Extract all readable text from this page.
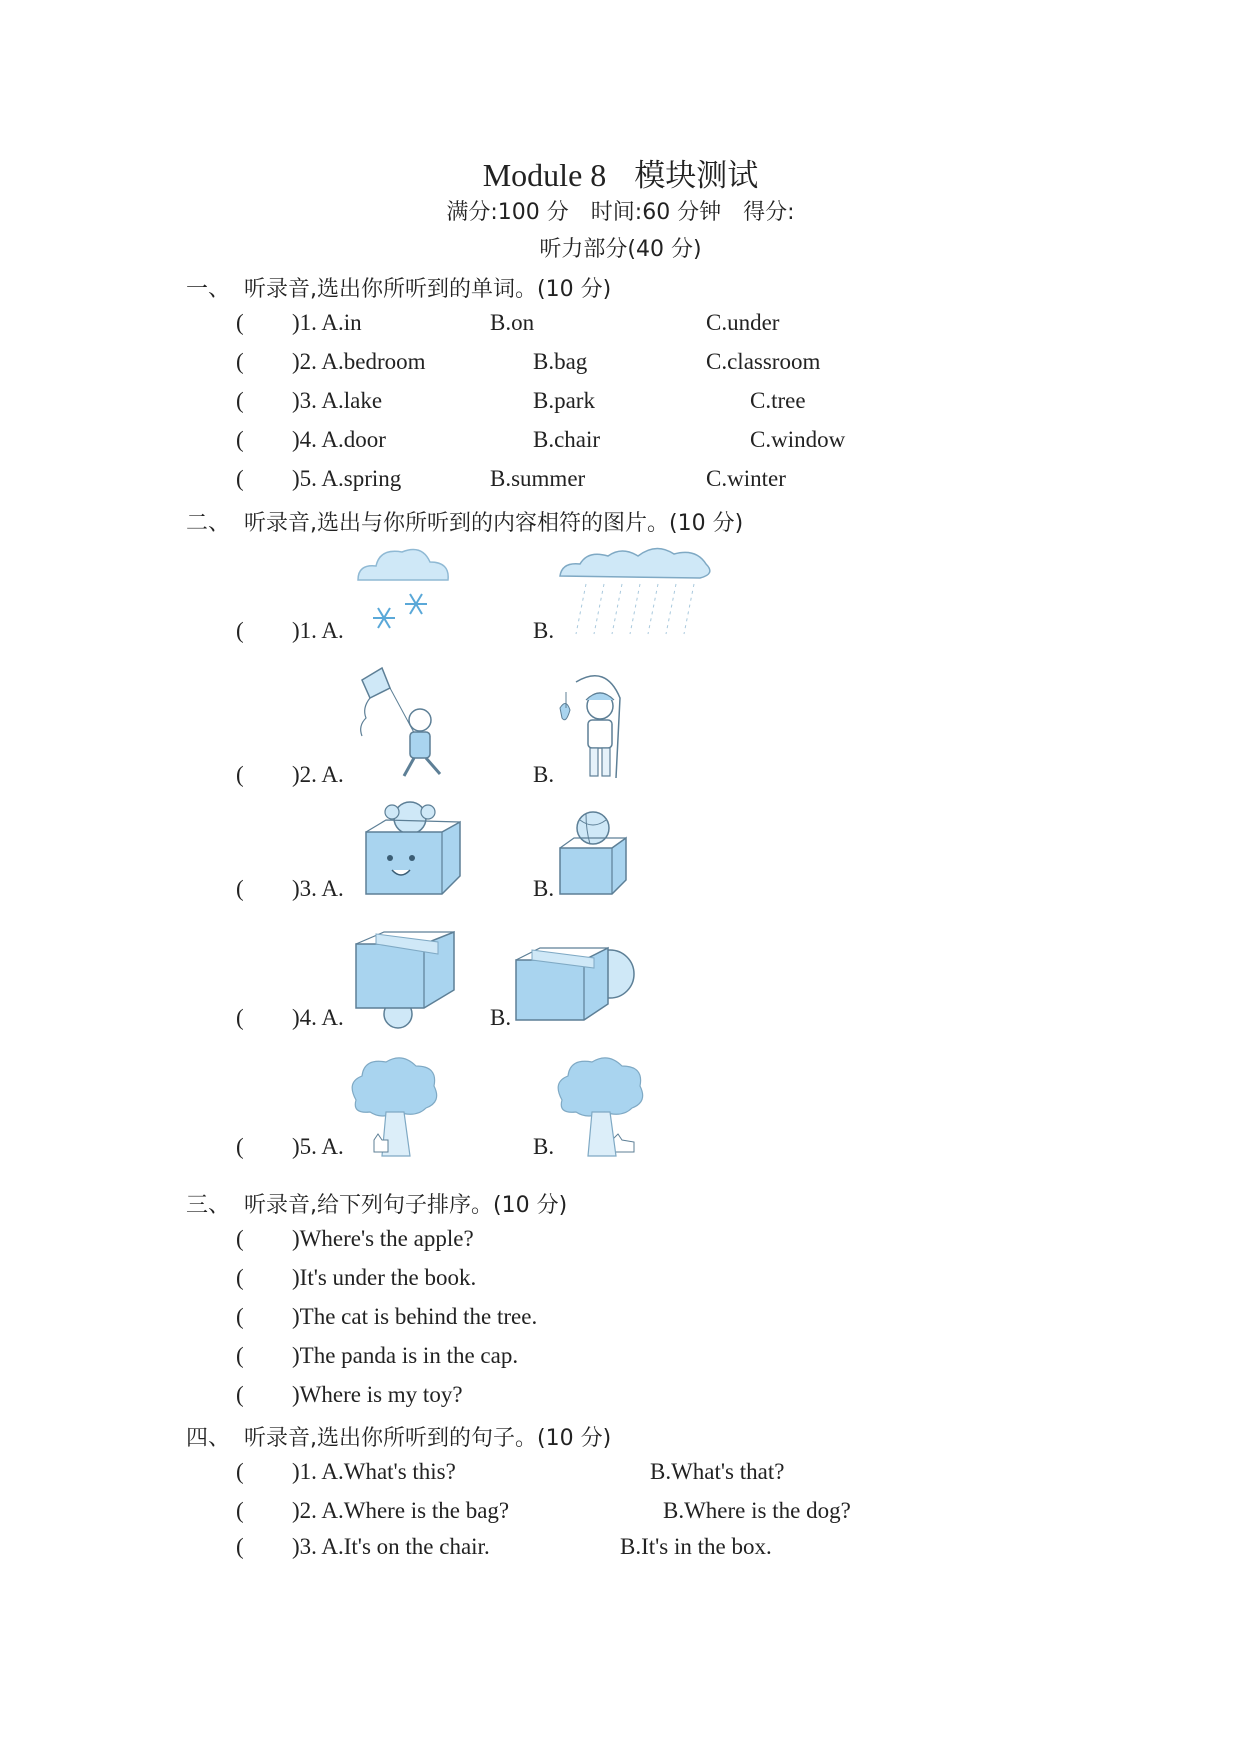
Module 8 模块测试
满分:100 分　时间:60 分钟　得分:
听力部分(40 分)
一、 听录音,选出你所听到的单词。(10 分)
( )1. A.in	B.on	C.under
( )2. A.bedroom	B.bag	C.classroom
( )3. A.lake	B.park	C.tree
( )4. A.door	B.chair	C.window
( )5. A.spring	B.summer	C.winter
二、 听录音,选出与你所听到的内容相符的图片。(10 分)
( )1. A.	B.
( )2. A.	B.
( )3. A.	B.
( )4. A.	B.
( )5. A.	B.
三、 听录音,给下列句子排序。(10 分)
( )Where's the apple?
( )It's under the book.
( )The cat is behind the tree.
( )The panda is in the cap.
( )Where is my toy?
四、 听录音,选出你所听到的句子。(10 分)
( )1. A.What's this?	B.What's that?
( )2. A.Where is the bag?	B.Where is the dog?
( )3. A.It's on the chair.	B.It's in the box.
